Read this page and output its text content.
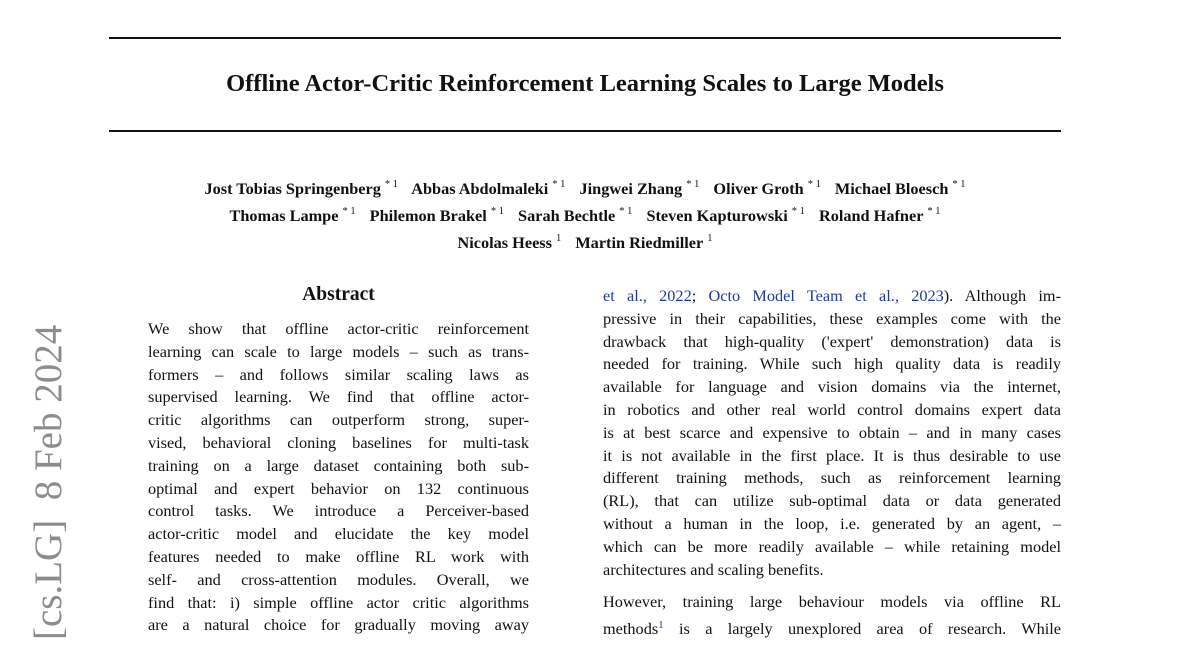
Offline Actor-Critic Reinforcement Learning Scales to Large Models
Jost Tobias Springenberg $^{* 1}$ Abbas Abdolmaleki $^{* 1}$ Jingwei Zhang $^{* 1}$ Oliver Groth $^{* 1}$ Michael Bloesch $^{* 1}$
Thomas Lampe $^{* 1}$ Philemon Brakel $^{* 1}$ Sarah Bechtle $^{* 1}$ Steven Kapturowski $^{* 1}$ Roland Hafner $^{* 1}$
Nicolas Heess $^1$ Martin Riedmiller $^1$
[cs.LG]  8 Feb 2024
Abstract
We show that offline actor-critic reinforcement
learning can scale to large models – such as trans-
formers – and follows similar scaling laws as
supervised learning. We find that offline actor-
critic algorithms can outperform strong, super-
vised, behavioral cloning baselines for multi-task
training on a large dataset containing both sub-
optimal and expert behavior on 132 continuous
control tasks. We introduce a Perceiver-based
actor-critic model and elucidate the key model
features needed to make offline RL work with
self- and cross-attention modules. Overall, we
find that: i) simple offline actor critic algorithms
are a natural choice for gradually moving away
et al., 2022; Octo Model Team et al., 2023). Although im-
pressive in their capabilities, these examples come with the
drawback that high-quality ('expert' demonstration) data is
needed for training. While such high quality data is readily
available for language and vision domains via the internet,
in robotics and other real world control domains expert data
is at best scarce and expensive to obtain – and in many cases
it is not available in the first place. It is thus desirable to use
different training methods, such as reinforcement learning
(RL), that can utilize sub-optimal data or data generated
without a human in the loop, i.e. generated by an agent, –
which can be more readily available – while retaining model
architectures and scaling benefits.
However, training large behaviour models via offline RL
methods$^1$ is a largely unexplored area of research. While
